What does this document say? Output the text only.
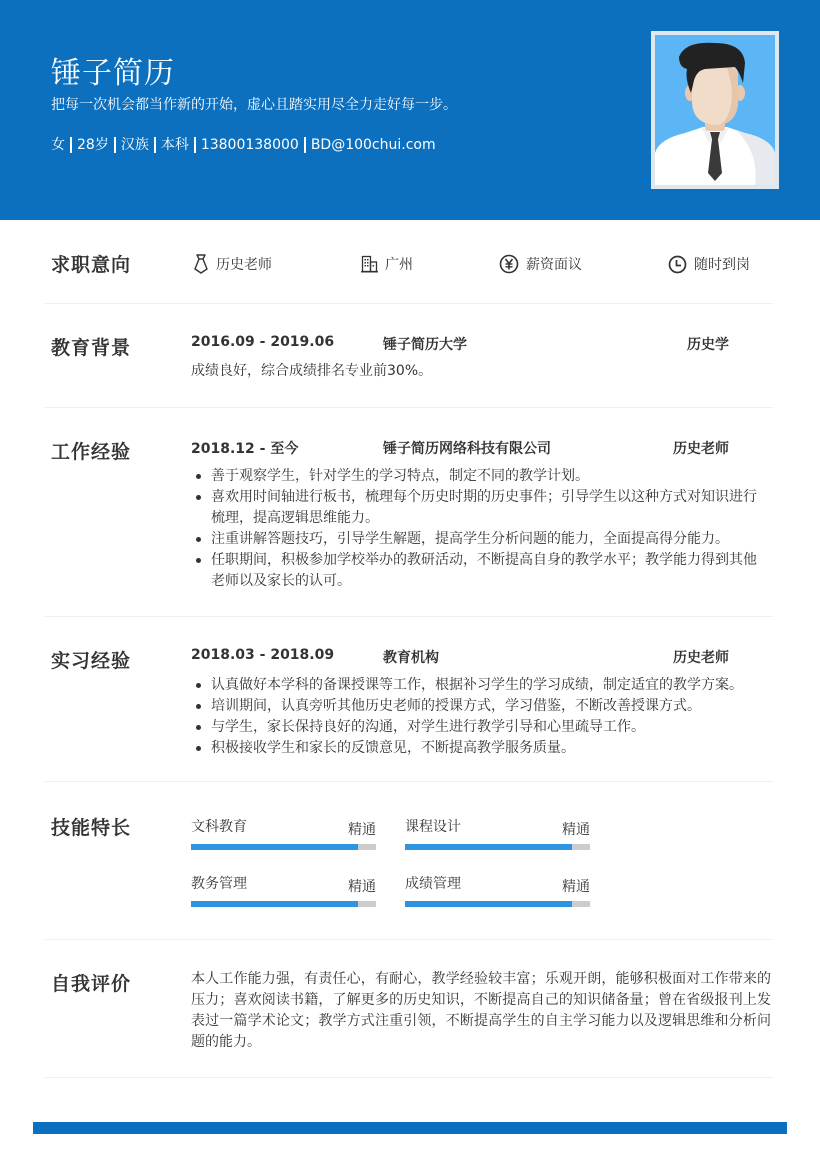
锤子简历
把每一次机会都当作新的开始，虚心且踏实用尽全力走好每一步。
女 28岁 汉族 本科 13800138000 BD@100chui.com
求职意向	历史老师	广州	薪资面议	随时到岗
教育背景	2016.09 - 2019.06	锤子简历大学	历史学
成绩良好，综合成绩排名专业前30%。
工作经验	2018.12 - 至今	锤子简历网络科技有限公司	历史老师
善于观察学生，针对学生的学习特点，制定不同的教学计划。
喜欢用时间轴进行板书，梳理每个历史时期的历史事件；引导学生以这种方式对知识进行梳理，提高逻辑思维能力。
注重讲解答题技巧，引导学生解题，提高学生分析问题的能力，全面提高得分能力。
任职期间，积极参加学校举办的教研活动，不断提高自身的教学水平；教学能力得到其他老师以及家长的认可。
实习经验	2018.03 - 2018.09	教育机构	历史老师
认真做好本学科的备课授课等工作，根据补习学生的学习成绩，制定适宜的教学方案。
培训期间，认真旁听其他历史老师的授课方式，学习借鉴，不断改善授课方式。
与学生，家长保持良好的沟通，对学生进行教学引导和心里疏导工作。
积极接收学生和家长的反馈意见，不断提高教学服务质量。
技能特长	文科教育	精通 课程设计	精通
教务管理	精通 成绩管理	精通
自我评价	本人工作能力强，有责任心，有耐心，教学经验较丰富；乐观开朗，能够积极面对工作带来的压力；喜欢阅读书籍，了解更多的历史知识，不断提高自己的知识储备量；曾在省级报刊上发表过一篇学术论文；教学方式注重引领，不断提高学生的自主学习能力以及逻辑思维和分析问题的能力。
